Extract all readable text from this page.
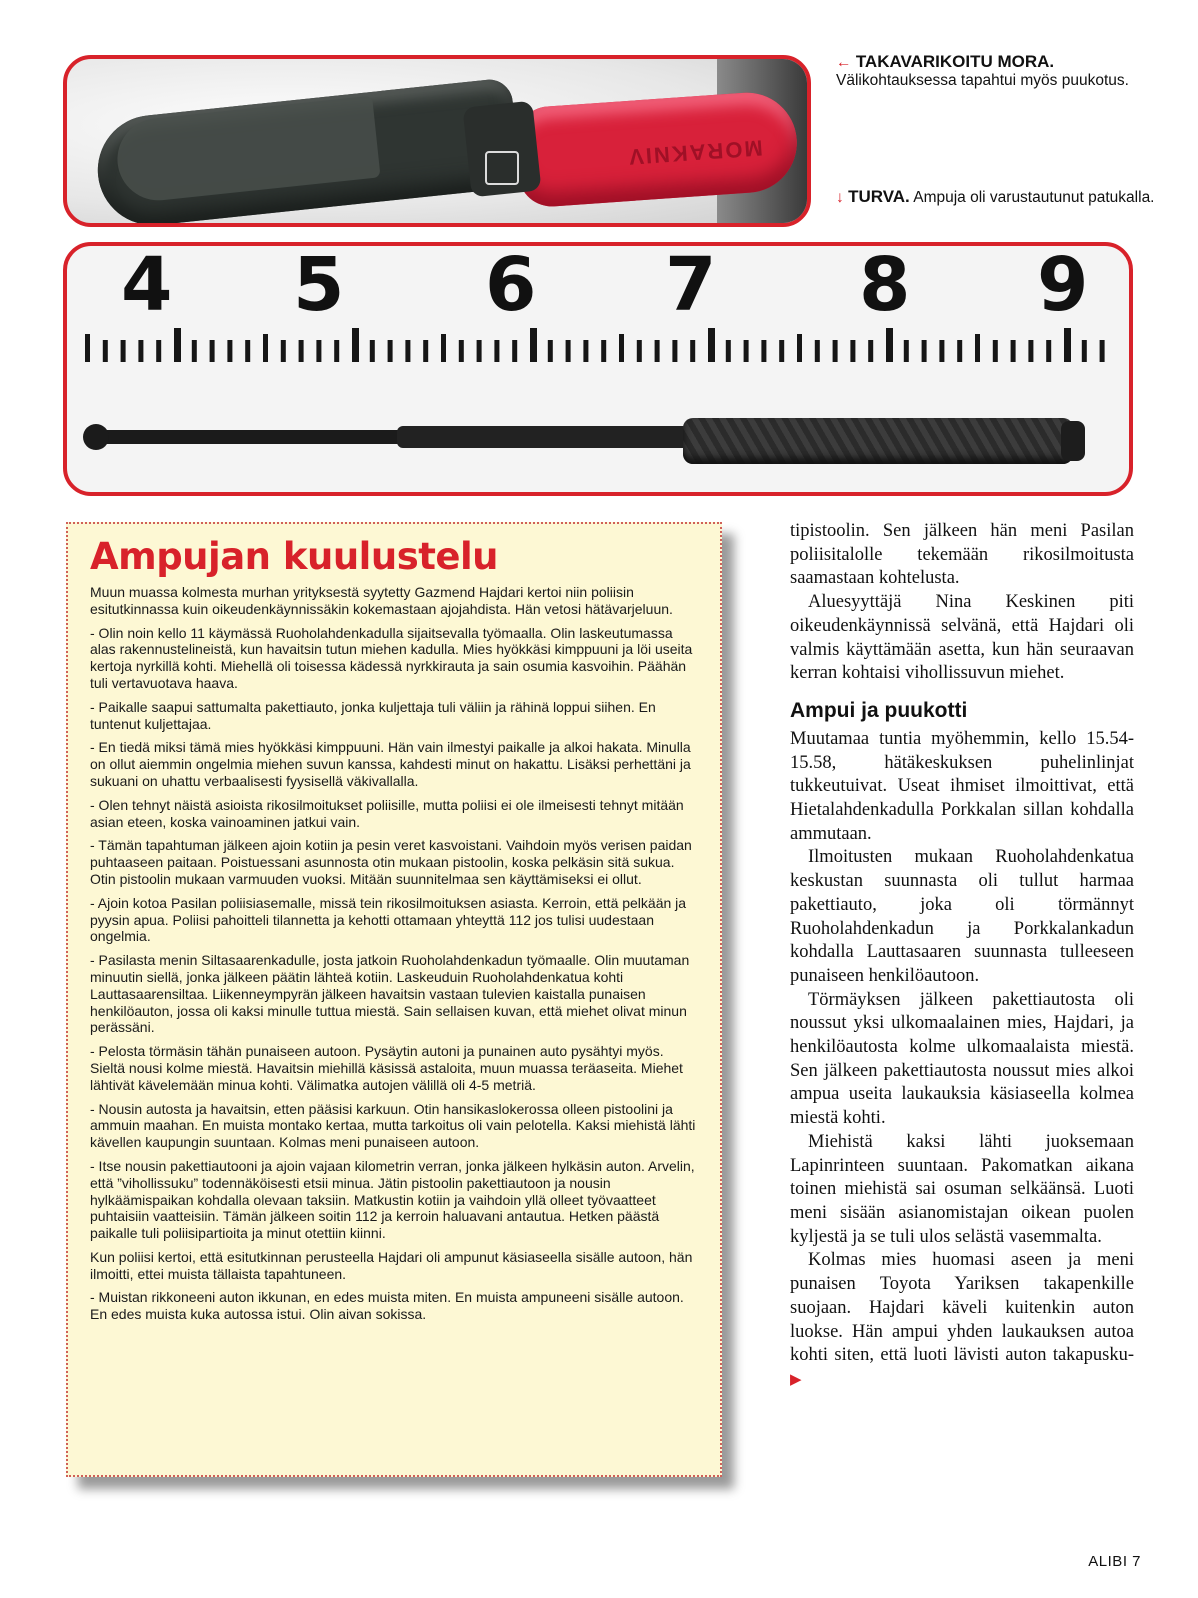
MORAKNIV
← TAKAVARIKOITU MORA.
Välikohtauksessa tapahtui myös puukotus.
↓ TURVA. Ampuja oli varustautunut patukalla.
4 5 6 7 8 9
Ampujan kuulustelu

Muun muassa kolmesta murhan yrityksestä syytetty Gazmend Hajdari kertoi niin poliisin esitutkinnassa kuin oikeudenkäynnissäkin kokemastaan ajojahdista. Hän vetosi hätävarjeluun.

- Olin noin kello 11 käymässä Ruoholahdenkadulla sijaitsevalla työmaalla. Olin laskeutumassa alas rakennustelineistä, kun havaitsin tutun miehen kadulla. Mies hyökkäsi kimppuuni ja löi useita kertoja nyrkillä kohti. Miehellä oli toisessa kädessä nyrkkirauta ja sain osumia kasvoihin. Päähän tuli vertavuotava haava.

- Paikalle saapui sattumalta pakettiauto, jonka kuljettaja tuli väliin ja rähinä loppui siihen. En tuntenut kuljettajaa.

- En tiedä miksi tämä mies hyökkäsi kimppuuni. Hän vain ilmestyi paikalle ja alkoi hakata. Minulla on ollut aiemmin ongelmia miehen suvun kanssa, kahdesti minut on hakattu. Lisäksi perhettäni ja sukuani on uhattu verbaalisesti fyysisellä väkivallalla.

- Olen tehnyt näistä asioista rikosilmoitukset poliisille, mutta poliisi ei ole ilmeisesti tehnyt mitään asian eteen, koska vainoaminen jatkui vain.

- Tämän tapahtuman jälkeen ajoin kotiin ja pesin veret kasvoistani. Vaihdoin myös verisen paidan puhtaaseen paitaan. Poistuessani asunnosta otin mukaan pistoolin, koska pelkäsin sitä sukua. Otin pistoolin mukaan varmuuden vuoksi. Mitään suunnitelmaa sen käyttämiseksi ei ollut.

- Ajoin kotoa Pasilan poliisiasemalle, missä tein rikosilmoituksen asiasta. Kerroin, että pelkään ja pyysin apua. Poliisi pahoitteli tilannetta ja kehotti ottamaan yhteyttä 112 jos tulisi uudestaan ongelmia.

- Pasilasta menin Siltasaarenkadulle, josta jatkoin Ruoholahdenkadun työmaalle. Olin muutaman minuutin siellä, jonka jälkeen päätin lähteä kotiin. Laskeuduin Ruoholahdenkatua kohti Lauttasaarensiltaa. Liikenneympyrän jälkeen havaitsin vastaan tulevien kaistalla punaisen henkilöauton, jossa oli kaksi minulle tuttua miestä. Sain sellaisen kuvan, että miehet olivat minun perässäni.

- Pelosta törmäsin tähän punaiseen autoon. Pysäytin autoni ja punainen auto pysähtyi myös. Sieltä nousi kolme miestä. Havaitsin miehillä käsissä astaloita, muun muassa teräaseita. Miehet lähtivät kävelemään minua kohti. Välimatka autojen välillä oli 4-5 metriä.

- Nousin autosta ja havaitsin, etten pääsisi karkuun. Otin hansikaslokerossa olleen pistoolini ja ammuin maahan. En muista montako kertaa, mutta tarkoitus oli vain pelotella. Kaksi miehistä lähti kävellen kaupungin suuntaan. Kolmas meni punaiseen autoon.

- Itse nousin pakettiautooni ja ajoin vajaan kilometrin verran, jonka jälkeen hylkäsin auton. Arvelin, että ”vihollissuku” todennäköisesti etsii minua. Jätin pistoolin pakettiautoon ja nousin hylkäämispaikan kohdalla olevaan taksiin. Matkustin kotiin ja vaihdoin yllä olleet työvaatteet puhtaisiin vaatteisiin. Tämän jälkeen soitin 112 ja kerroin haluavani antautua. Hetken päästä paikalle tuli poliisipartioita ja minut otettiin kiinni.

Kun poliisi kertoi, että esitutkinnan perusteella Hajdari oli ampunut käsiaseella sisälle autoon, hän ilmoitti, ettei muista tällaista tapahtuneen.

- Muistan rikkoneeni auton ikkunan, en edes muista miten. En muista ampuneeni sisälle autoon. En edes muista kuka autossa istui. Olin aivan sokissa.

tipistoolin. Sen jälkeen hän meni Pasilan poliisitalolle tekemään rikosilmoitusta saamastaan kohtelusta.

Aluesyyttäjä Nina Keskinen piti oikeudenkäynnissä selvänä, että Hajdari oli valmis käyttämään asetta, kun hän seuraavan kerran kohtaisi vihollissuvun miehet.

Ampui ja puukotti

Muutamaa tuntia myöhemmin, kello 15.54-15.58, hätäkeskuksen puhelinlinjat tukkeutuivat. Useat ihmiset ilmoittivat, että Hietalahdenkadulla Porkkalan sillan kohdalla ammutaan.

Ilmoitusten mukaan Ruoholahdenkatua keskustan suunnasta oli tullut harmaa pakettiauto, joka oli törmännyt Ruoholahdenkadun ja Porkkalankadun kohdalla Lauttasaaren suunnasta tulleeseen punaiseen henkilöautoon.

Törmäyksen jälkeen pakettiautosta oli noussut yksi ulkomaalainen mies, Hajdari, ja henkilöautosta kolme ulkomaalaista miestä. Sen jälkeen pakettiautosta noussut mies alkoi ampua useita laukauksia käsiaseella kolmea miestä kohti.

Miehistä kaksi lähti juoksemaan Lapinrinteen suuntaan. Pakomatkan aikana toinen miehistä sai osuman selkäänsä. Luoti meni sisään asianomistajan oikean puolen kyljestä ja se tuli ulos selästä vasemmalta.

Kolmas mies huomasi aseen ja meni punaisen Toyota Yariksen takapenkille suojaan. Hajdari käveli kuitenkin auton luokse. Hän ampui yhden laukauksen autoa kohti siten, että luoti lävisti auton takapusku- ▶

ALIBI 7
